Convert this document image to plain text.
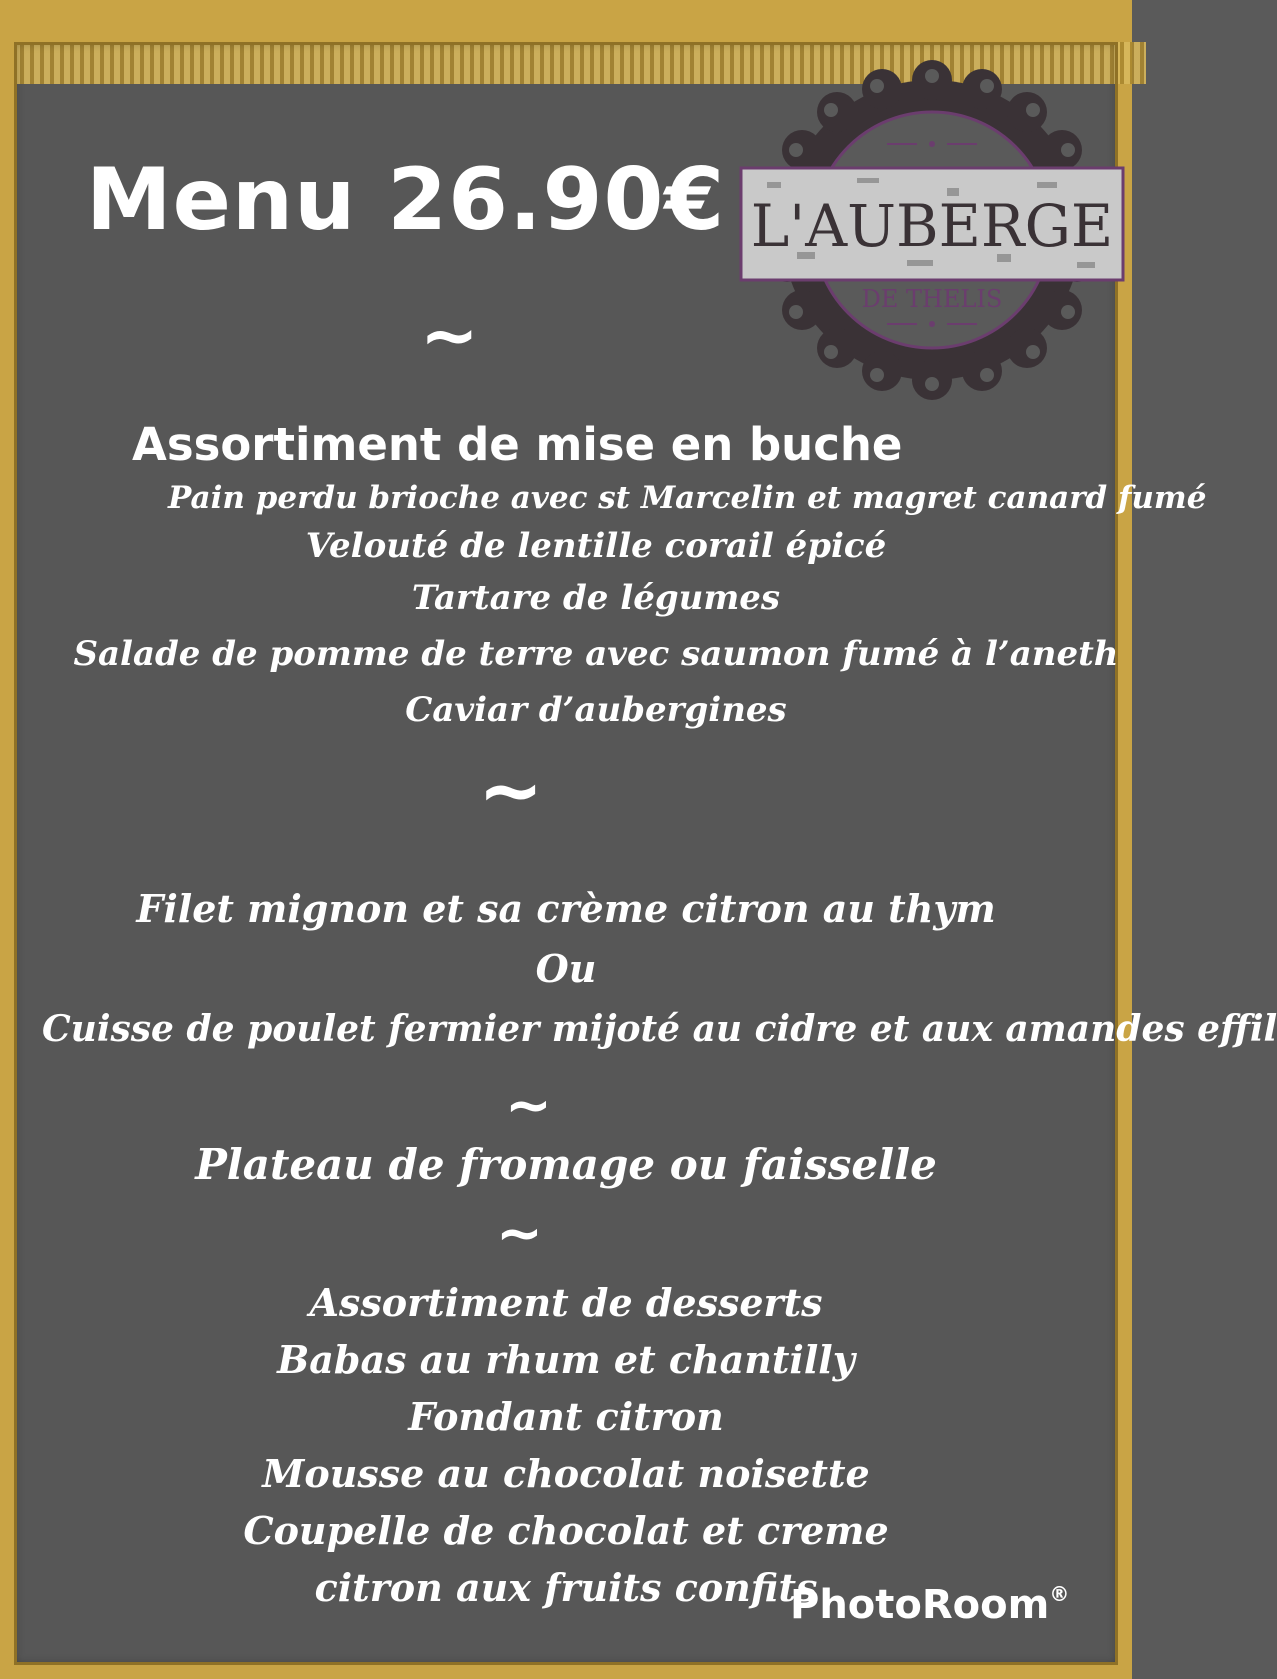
Menu 26.90€
~
Assortiment de mise en buche
Pain perdu brioche avec st Marcelin et magret canard fumé
Velouté de lentille corail épicé
Tartare de légumes
Salade de pomme de terre avec saumon fumé à l’aneth
Caviar d’aubergines
~
Filet mignon et sa crème citron au thym
Ou
Cuisse de poulet fermier mijoté au cidre et aux amandes effil
~
Plateau de fromage ou faisselle
~
Assortiment de desserts
Babas au rhum et chantilly
Fondant citron
Mousse au chocolat noisette
Coupelle de chocolat et creme
citron aux fruits confits
PhotoRoom®
L'AUBERGE
DE THELIS
